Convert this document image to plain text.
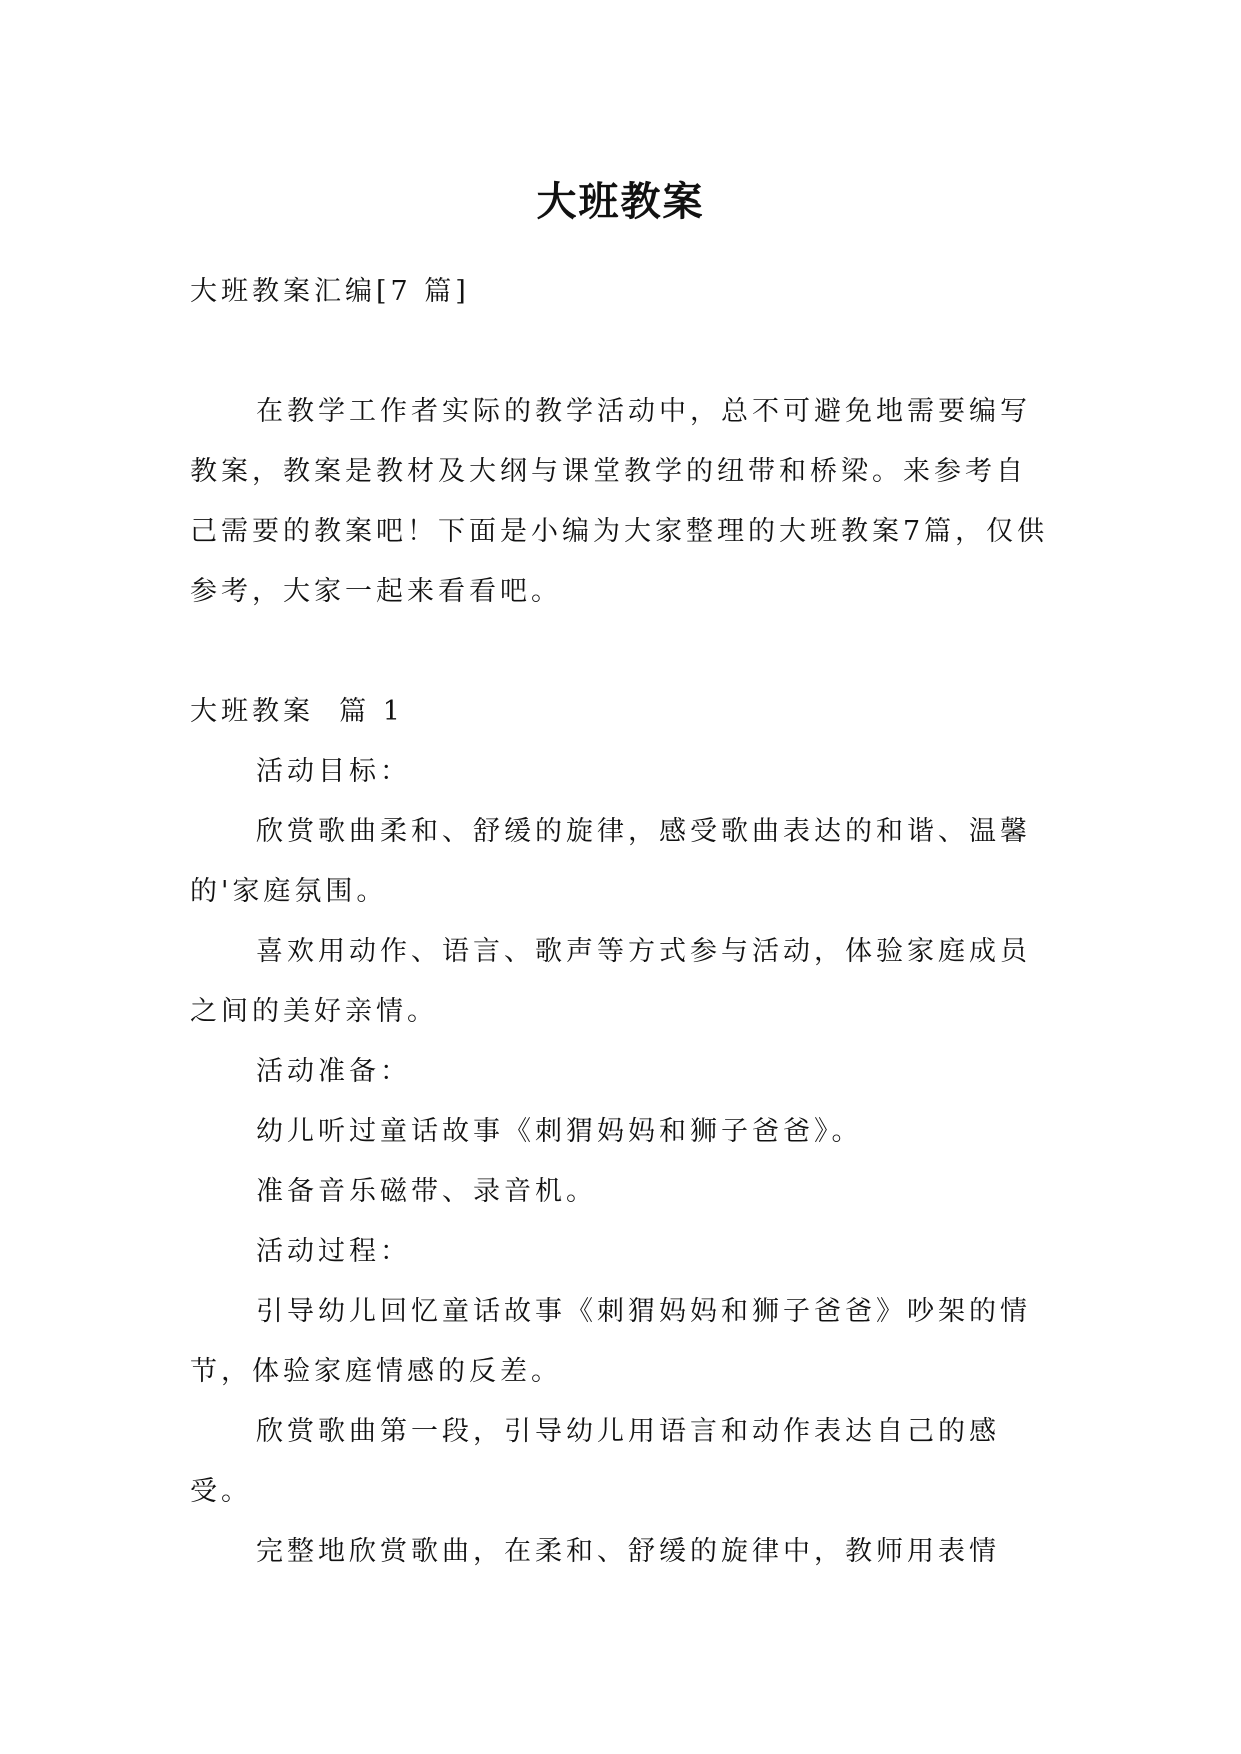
大班教案

大班教案汇编[7 篇]

在教学工作者实际的教学活动中，总不可避免地需要编写教案，教案是教材及大纲与课堂教学的纽带和桥梁。来参考自己需要的教案吧！下面是小编为大家整理的大班教案7篇，仅供参考，大家一起来看看吧。

大班教案  篇 1

活动目标：

欣赏歌曲柔和、舒缓的旋律，感受歌曲表达的和谐、温馨的'家庭氛围。

喜欢用动作、语言、歌声等方式参与活动，体验家庭成员之间的美好亲情。

活动准备：

幼儿听过童话故事《刺猬妈妈和狮子爸爸》。

准备音乐磁带、录音机。

活动过程：

引导幼儿回忆童话故事《刺猬妈妈和狮子爸爸》吵架的情节，体验家庭情感的反差。

欣赏歌曲第一段，引导幼儿用语言和动作表达自己的感受。

完整地欣赏歌曲，在柔和、舒缓的旋律中，教师用表情
